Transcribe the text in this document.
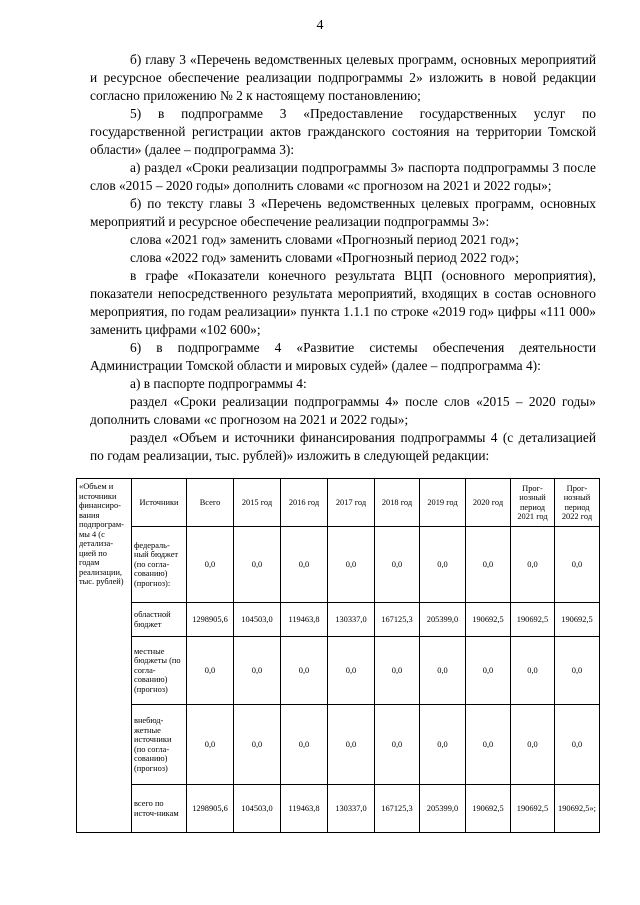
4

б) главу 3 «Перечень ведомственных целевых программ, основных мероприятий и ресурсное обеспечение реализации подпрограммы 2» изложить в новой редакции согласно приложению № 2 к настоящему постановлению;

5) в подпрограмме 3 «Предоставление государственных услуг по государственной регистрации актов гражданского состояния на территории Томской области» (далее – подпрограмма 3):

а) раздел «Сроки реализации подпрограммы 3» паспорта подпрограммы 3 после слов «2015 – 2020 годы» дополнить словами «с прогнозом на 2021 и 2022 годы»;

б) по тексту главы 3 «Перечень ведомственных целевых программ, основных мероприятий и ресурсное обеспечение реализации подпрограммы 3»:

слова «2021 год» заменить словами «Прогнозный период 2021 год»;

слова «2022 год» заменить словами «Прогнозный период 2022 год»;

в графе «Показатели конечного результата ВЦП (основного мероприятия), показатели непосредственного результата мероприятий, входящих в состав основного мероприятия, по годам реализации» пункта 1.1.1 по строке «2019 год» цифры «111 000» заменить цифрами «102 600»;

6) в подпрограмме 4 «Развитие системы обеспечения деятельности Администрации Томской области и мировых судей» (далее – подпрограмма 4):

а) в паспорте подпрограммы 4:

раздел «Сроки реализации подпрограммы 4» после слов «2015 – 2020 годы» дополнить словами «с прогнозом на 2021 и 2022 годы»;

раздел «Объем и источники финансирования подпрограммы 4 (с детализацией по годам реализации, тыс. рублей)» изложить в следующей редакции:

«Объем и источники финансиро-вания подпрограм-мы 4 (с детализа-цией по годам реализации, тыс. рублей)	Источники	Всего	2015 год	2016 год	2017 год	2018 год	2019 год	2020 год	Прог-нозный период 2021 год	Прог-нозный период 2022 год
	федераль-ный бюджет (по согла-сованию) (прогноз):	0,0	0,0	0,0	0,0	0,0	0,0	0,0	0,0	0,0
	областной бюджет	1298905,6	104503,0	119463,8	130337,0	167125,3	205399,0	190692,5	190692,5	190692,5
	местные бюджеты (по согла-сованию) (прогноз)	0,0	0,0	0,0	0,0	0,0	0,0	0,0	0,0	0,0
	внебюд-жетные источники (по согла-сованию) (прогноз)	0,0	0,0	0,0	0,0	0,0	0,0	0,0	0,0	0,0
	всего по источ-никам	1298905,6	104503,0	119463,8	130337,0	167125,3	205399,0	190692,5	190692,5	190692,5»;
